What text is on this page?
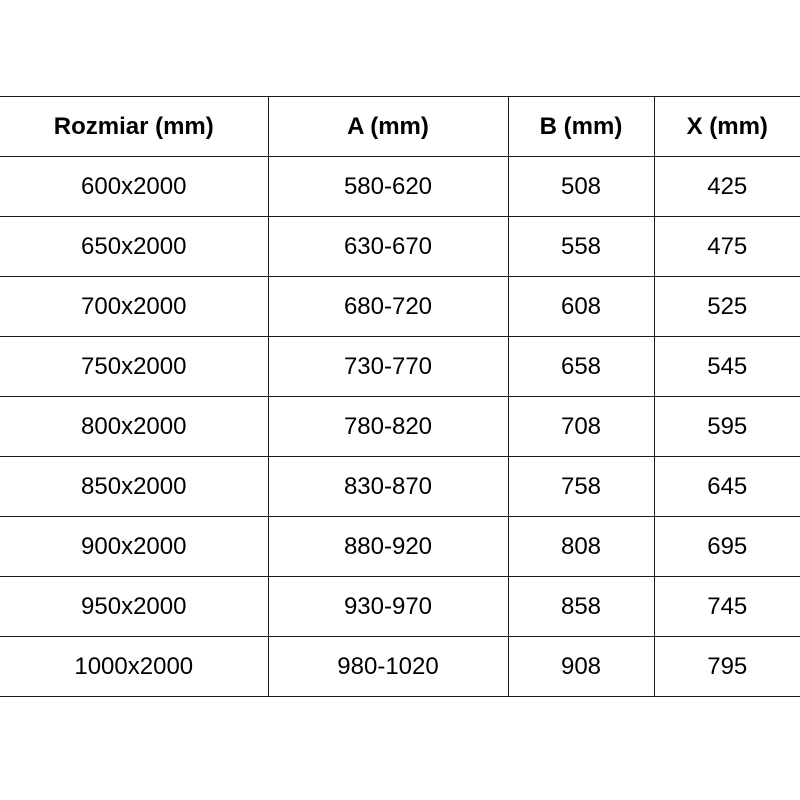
Rozmiar (mm)	A (mm)	B (mm)	X (mm)
600x2000	580-620	508	425
650x2000	630-670	558	475
700x2000	680-720	608	525
750x2000	730-770	658	545
800x2000	780-820	708	595
850x2000	830-870	758	645
900x2000	880-920	808	695
950x2000	930-970	858	745
1000x2000	980-1020	908	795
